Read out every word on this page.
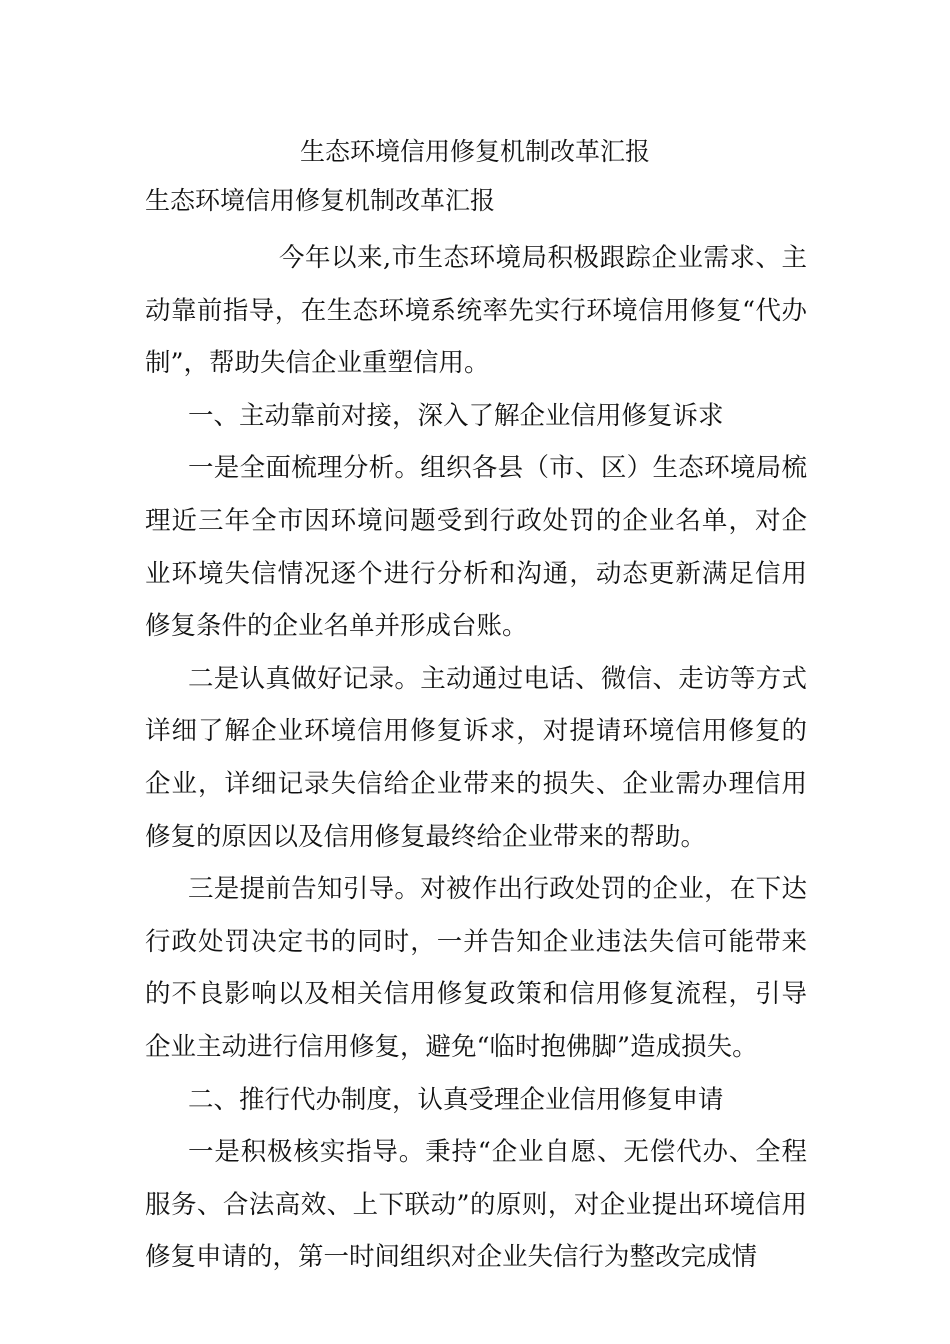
生态环境信用修复机制改革汇报
生态环境信用修复机制改革汇报

今年以来,市生态环境局积极跟踪企业需求、主动靠前指导，在生态环境系统率先实行环境信用修复“代办制”，帮助失信企业重塑信用。

一、主动靠前对接，深入了解企业信用修复诉求

一是全面梳理分析。组织各县（市、区）生态环境局梳理近三年全市因环境问题受到行政处罚的企业名单，对企业环境失信情况逐个进行分析和沟通，动态更新满足信用修复条件的企业名单并形成台账。

二是认真做好记录。主动通过电话、微信、走访等方式详细了解企业环境信用修复诉求，对提请环境信用修复的企业，详细记录失信给企业带来的损失、企业需办理信用修复的原因以及信用修复最终给企业带来的帮助。

三是提前告知引导。对被作出行政处罚的企业，在下达行政处罚决定书的同时，一并告知企业违法失信可能带来的不良影响以及相关信用修复政策和信用修复流程，引导企业主动进行信用修复，避免“临时抱佛脚”造成损失。

二、推行代办制度，认真受理企业信用修复申请

一是积极核实指导。秉持“企业自愿、无偿代办、全程服务、合法高效、上下联动”的原则，对企业提出环境信用修复申请的，第一时间组织对企业失信行为整改完成情
